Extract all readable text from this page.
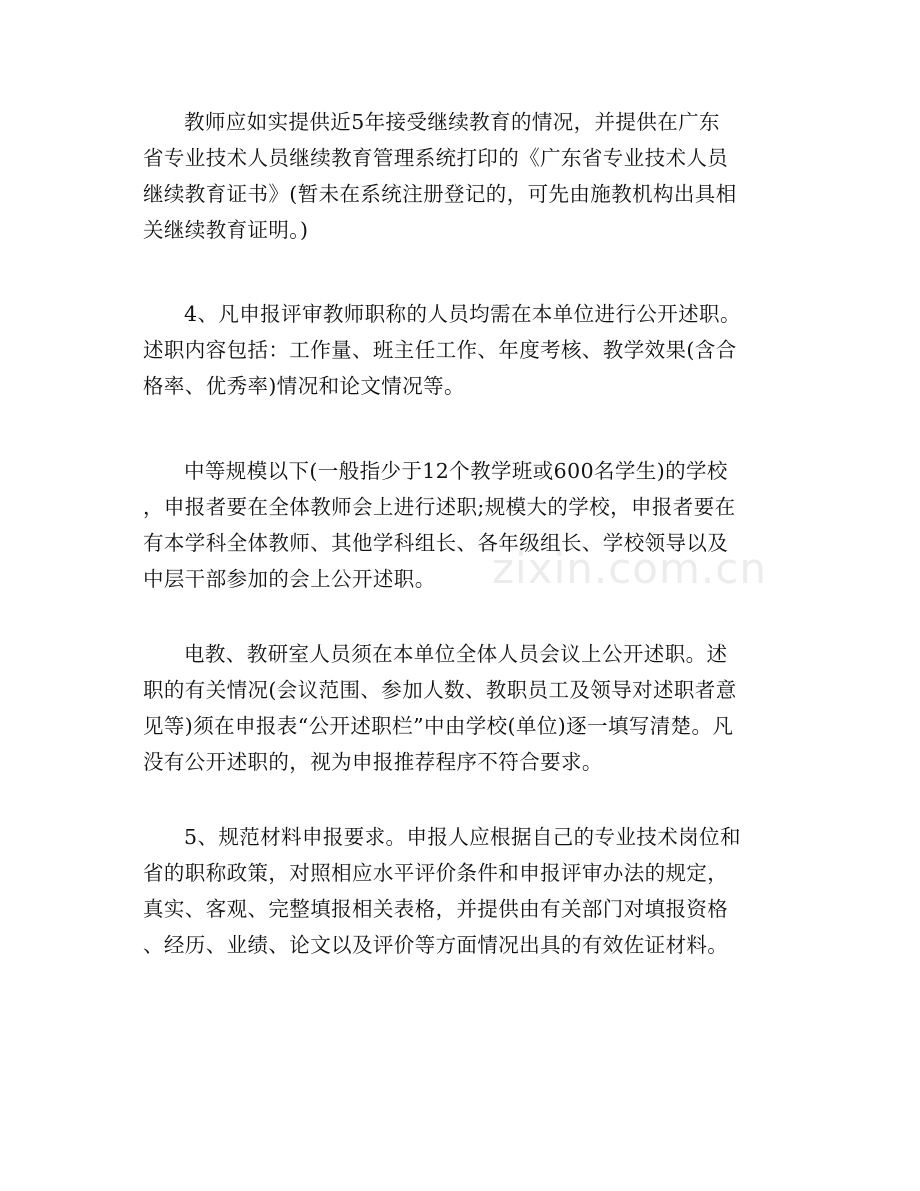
教师应如实提供近5年接受继续教育的情况，并提供在广东
省专业技术人员继续教育管理系统打印的《广东省专业技术人员
继续教育证书》(暂未在系统注册登记的，可先由施教机构出具相
关继续教育证明。)

4、凡申报评审教师职称的人员均需在本单位进行公开述职。
述职内容包括：工作量、班主任工作、年度考核、教学效果(含合
格率、优秀率)情况和论文情况等。

中等规模以下(一般指少于12个教学班或600名学生)的学校
，申报者要在全体教师会上进行述职;规模大的学校，申报者要在
有本学科全体教师、其他学科组长、各年级组长、学校领导以及
中层干部参加的会上公开述职。

电教、教研室人员须在本单位全体人员会议上公开述职。述
职的有关情况(会议范围、参加人数、教职员工及领导对述职者意
见等)须在申报表“公开述职栏”中由学校(单位)逐一填写清楚。凡
没有公开述职的，视为申报推荐程序不符合要求。

5、规范材料申报要求。申报人应根据自己的专业技术岗位和
省的职称政策，对照相应水平评价条件和申报评审办法的规定，
真实、客观、完整填报相关表格，并提供由有关部门对填报资格
、经历、业绩、论文以及评价等方面情况出具的有效佐证材料。

zixin.com.cn
